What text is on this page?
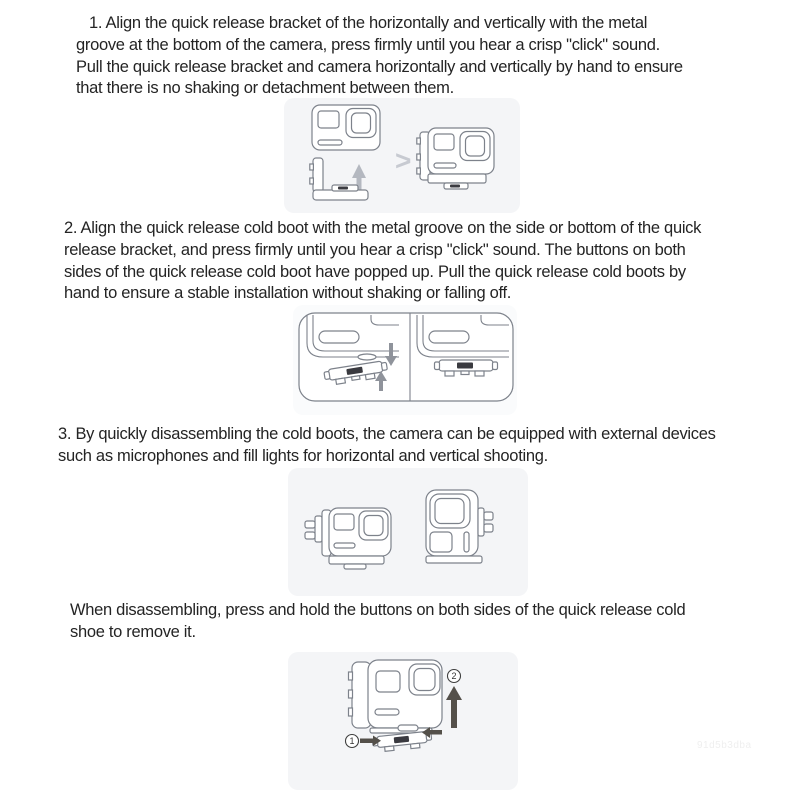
1. Align the quick release bracket of the horizontally and vertically with the metal
groove at the bottom of the camera, press firmly until you hear a crisp "click" sound.
Pull the quick release bracket and camera horizontally and vertically by hand to ensure
that there is no shaking or detachment between them.
>
2. Align the quick release cold boot with the metal groove on the side or bottom of the quick
release bracket, and press firmly until you hear a crisp "click" sound. The buttons on both
sides of the quick release cold boot have popped up. Pull the quick release cold boots by
hand to ensure a stable installation without shaking or falling off.
3. By quickly disassembling the cold boots, the camera can be equipped with external devices
such as microphones and fill lights for horizontal and vertical shooting.
When disassembling, press and hold the buttons on both sides of the quick release cold
shoe to remove it.
1
2
91d5b3dba
